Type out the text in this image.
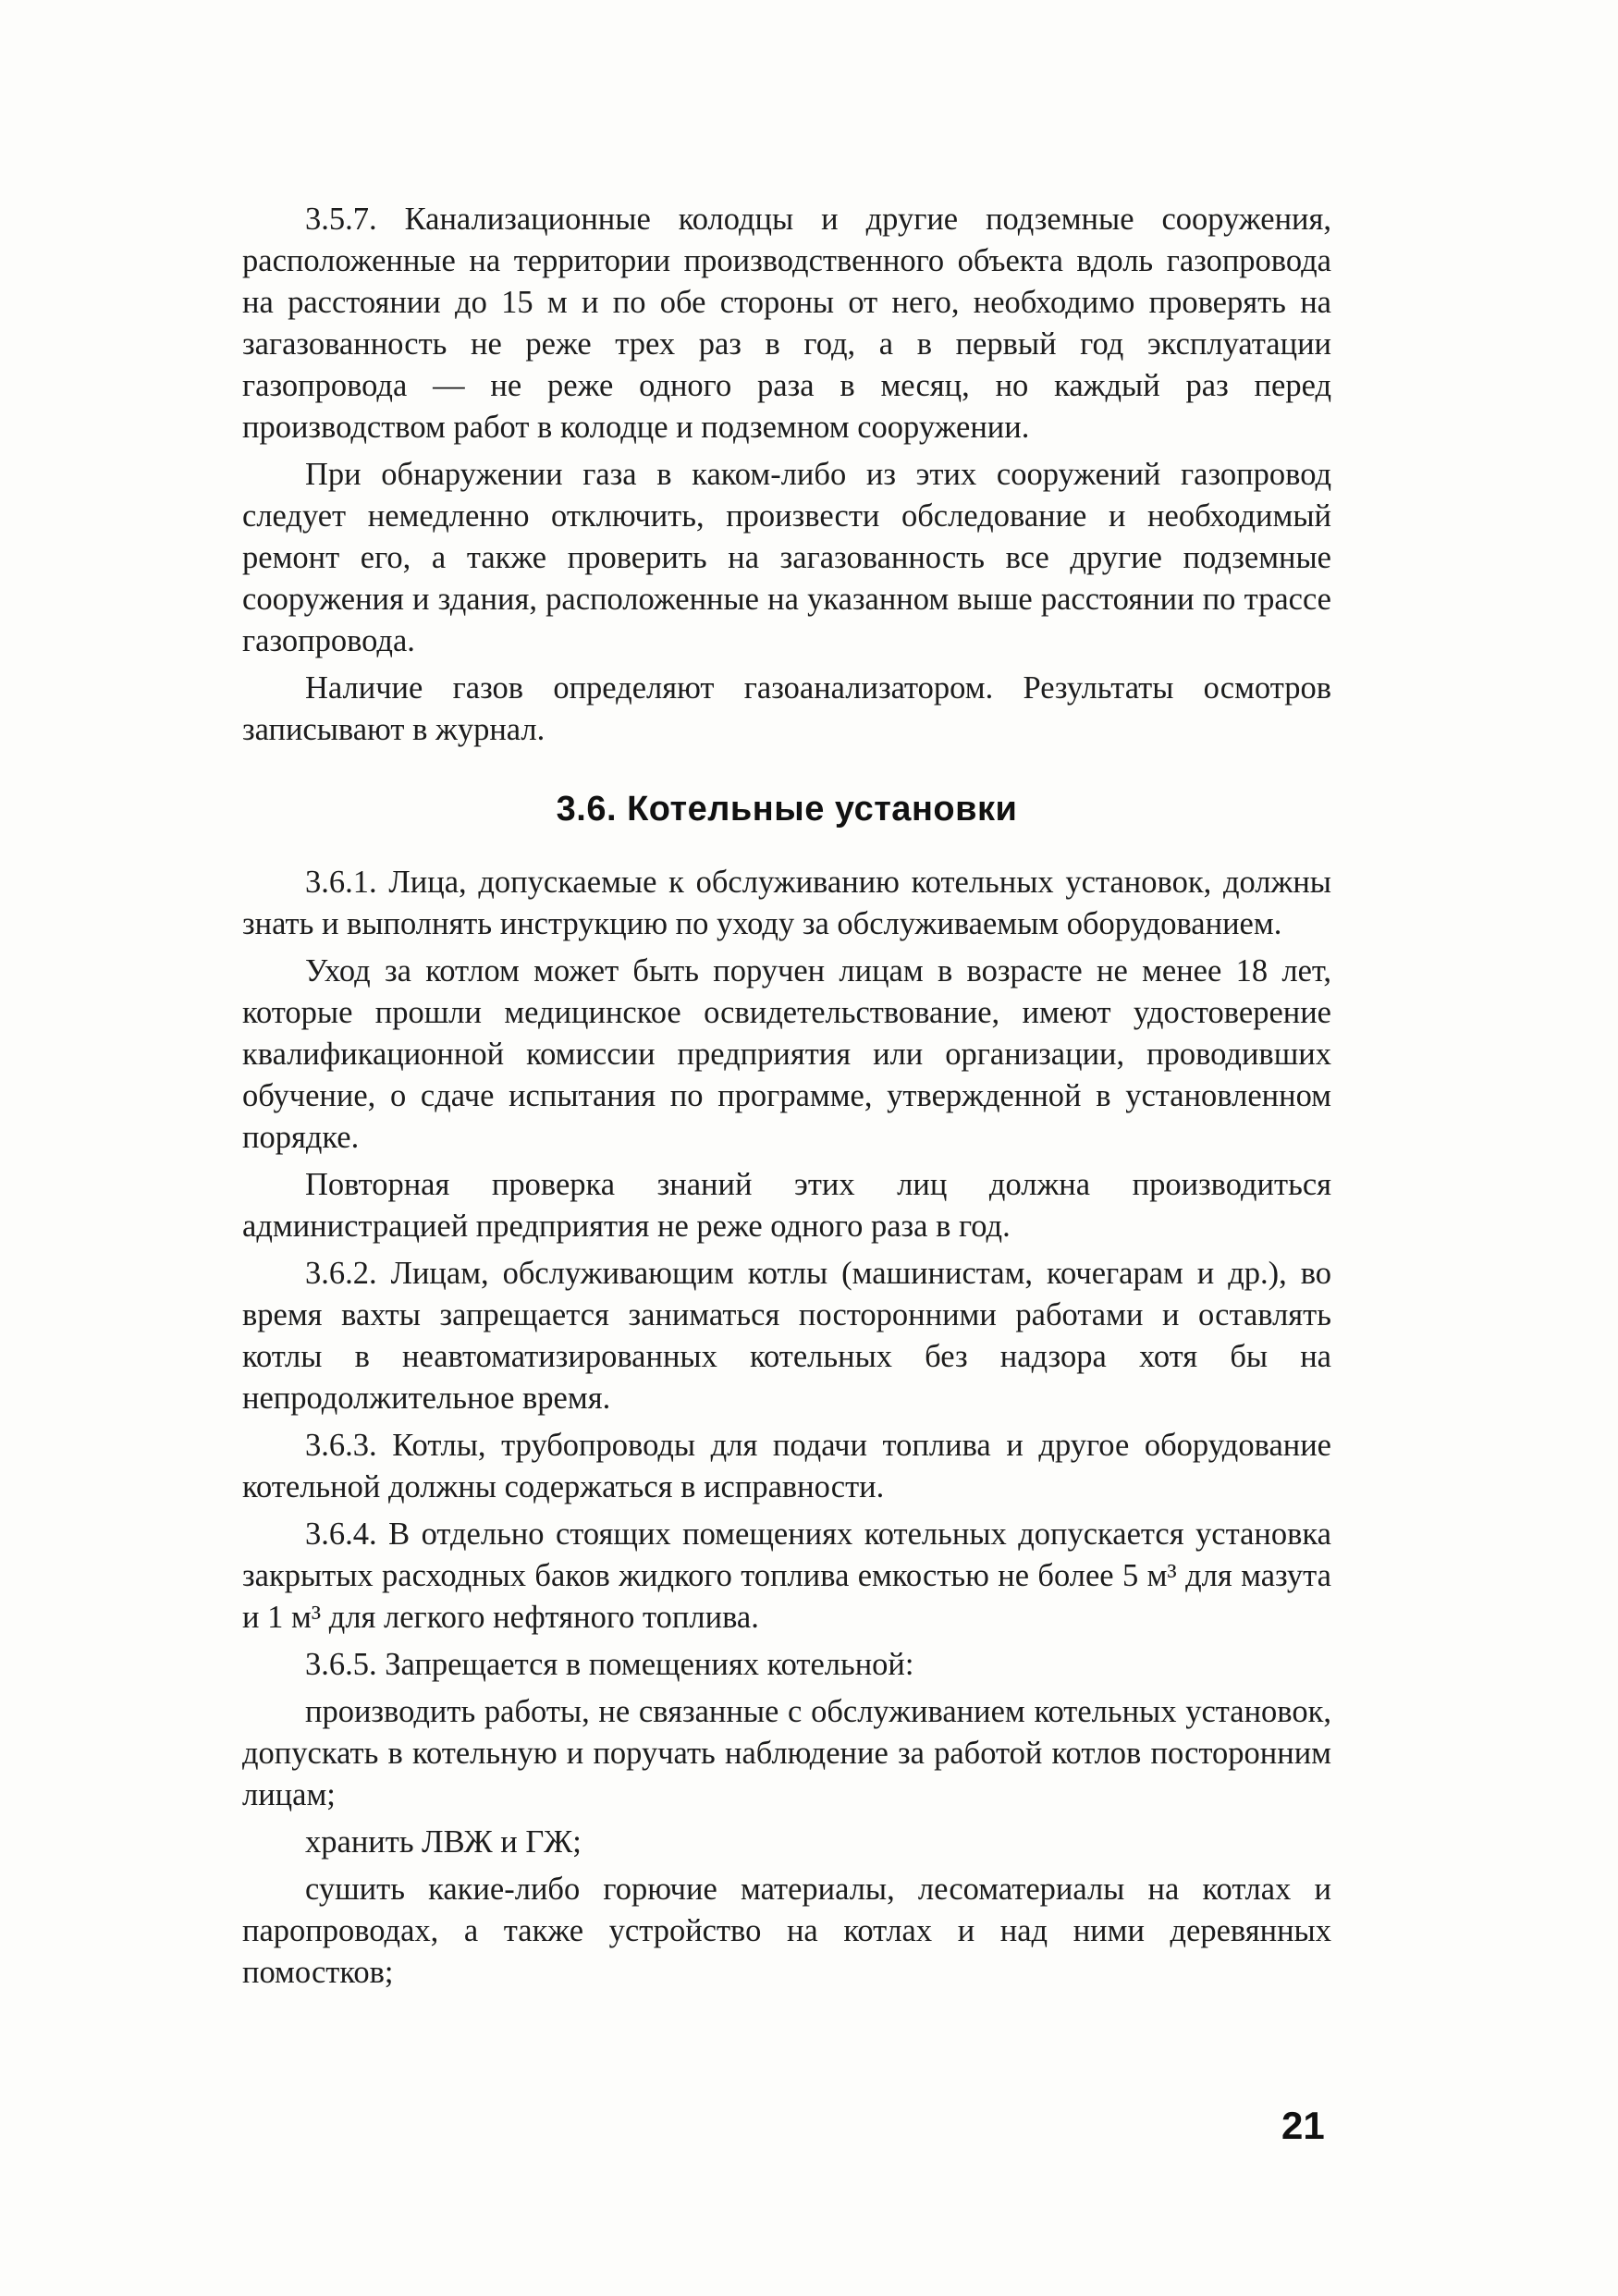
3.5.7. Канализационные колодцы и другие подземные сооружения, расположенные на территории производственного объекта вдоль газопровода на расстоянии до 15 м и по обе стороны от него, необходимо проверять на загазованность не реже трех раз в год, а в первый год эксплуатации газопровода — не реже одного раза в месяц, но каждый раз перед производством работ в колодце и подземном сооружении.

При обнаружении газа в каком-либо из этих сооружений газопровод следует немедленно отключить, произвести обследование и необходимый ремонт его, а также проверить на загазованность все другие подземные сооружения и здания, расположенные на указанном выше расстоянии по трассе газопровода.

Наличие газов определяют газоанализатором. Результаты осмотров записывают в журнал.

3.6. Котельные установки

3.6.1. Лица, допускаемые к обслуживанию котельных установок, должны знать и выполнять инструкцию по уходу за обслуживаемым оборудованием.

Уход за котлом может быть поручен лицам в возрасте не менее 18 лет, которые прошли медицинское освидетельствование, имеют удостоверение квалификационной комиссии предприятия или организации, проводивших обучение, о сдаче испытания по программе, утвержденной в установленном порядке.

Повторная проверка знаний этих лиц должна производиться администрацией предприятия не реже одного раза в год.

3.6.2. Лицам, обслуживающим котлы (машинистам, кочегарам и др.), во время вахты запрещается заниматься посторонними работами и оставлять котлы в неавтоматизированных котельных без надзора хотя бы на непродолжительное время.

3.6.3. Котлы, трубопроводы для подачи топлива и другое оборудование котельной должны содержаться в исправности.

3.6.4. В отдельно стоящих помещениях котельных допускается установка закрытых расходных баков жидкого топлива емкостью не более 5 м³ для мазута и 1 м³ для легкого нефтяного топлива.

3.6.5. Запрещается в помещениях котельной:

производить работы, не связанные с обслуживанием котельных установок, допускать в котельную и поручать наблюдение за работой котлов посторонним лицам;

хранить ЛВЖ и ГЖ;

сушить какие-либо горючие материалы, лесоматериалы на котлах и паропроводах, а также устройство на котлах и над ними деревянных помостков;

21
